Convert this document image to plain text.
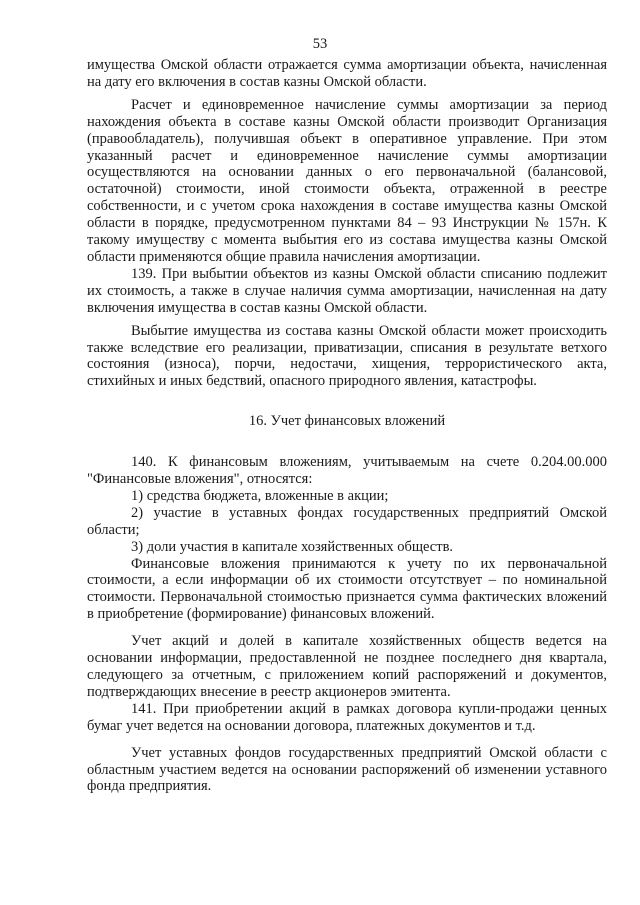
53

имущества Омской области отражается сумма амортизации объекта, начисленная на дату его включения в состав казны Омской области.

Расчет и единовременное начисление суммы амортизации за период нахождения объекта в составе казны Омской области производит Организация (правообладатель), получившая объект в оперативное управление. При этом указанный расчет и единовременное начисление суммы амортизации осуществляются на основании данных о его первоначальной (балансовой, остаточной) стоимости, иной стоимости объекта, отраженной в реестре собственности, и с учетом срока нахождения в составе имущества казны Омской области в порядке, предусмотренном пунктами 84 – 93 Инструкции № 157н. К такому имуществу с момента выбытия его из состава имущества казны Омской области применяются общие правила начисления амортизации.

139. При выбытии объектов из казны Омской области списанию подлежит их стоимость, а также в случае наличия сумма амортизации, начисленная на дату включения имущества в состав казны Омской области.

Выбытие имущества из состава казны Омской области может происходить также вследствие его реализации, приватизации, списания в результате ветхого состояния (износа), порчи, недостачи, хищения, террористического акта, стихийных и иных бедствий, опасного природного явления, катастрофы.

16. Учет финансовых вложений

140. К финансовым вложениям, учитываемым на счете 0.204.00.000 "Финансовые вложения", относятся:

1) средства бюджета, вложенные в акции;

2) участие в уставных фондах государственных предприятий Омской области;

3) доли участия в капитале хозяйственных обществ.

Финансовые вложения принимаются к учету по их первоначальной стоимости, а если информации об их стоимости отсутствует – по номинальной стоимости. Первоначальной стоимостью признается сумма фактических вложений в приобретение (формирование) финансовых вложений.

Учет акций и долей в капитале хозяйственных обществ ведется на основании информации, предоставленной не позднее последнего дня квартала, следующего за отчетным, с приложением копий распоряжений и документов, подтверждающих внесение в реестр акционеров эмитента.

141. При приобретении акций в рамках договора купли-продажи ценных бумаг учет ведется на основании договора, платежных документов и т.д.

Учет уставных фондов государственных предприятий Омской области с областным участием ведется на основании распоряжений об изменении уставного фонда предприятия.
